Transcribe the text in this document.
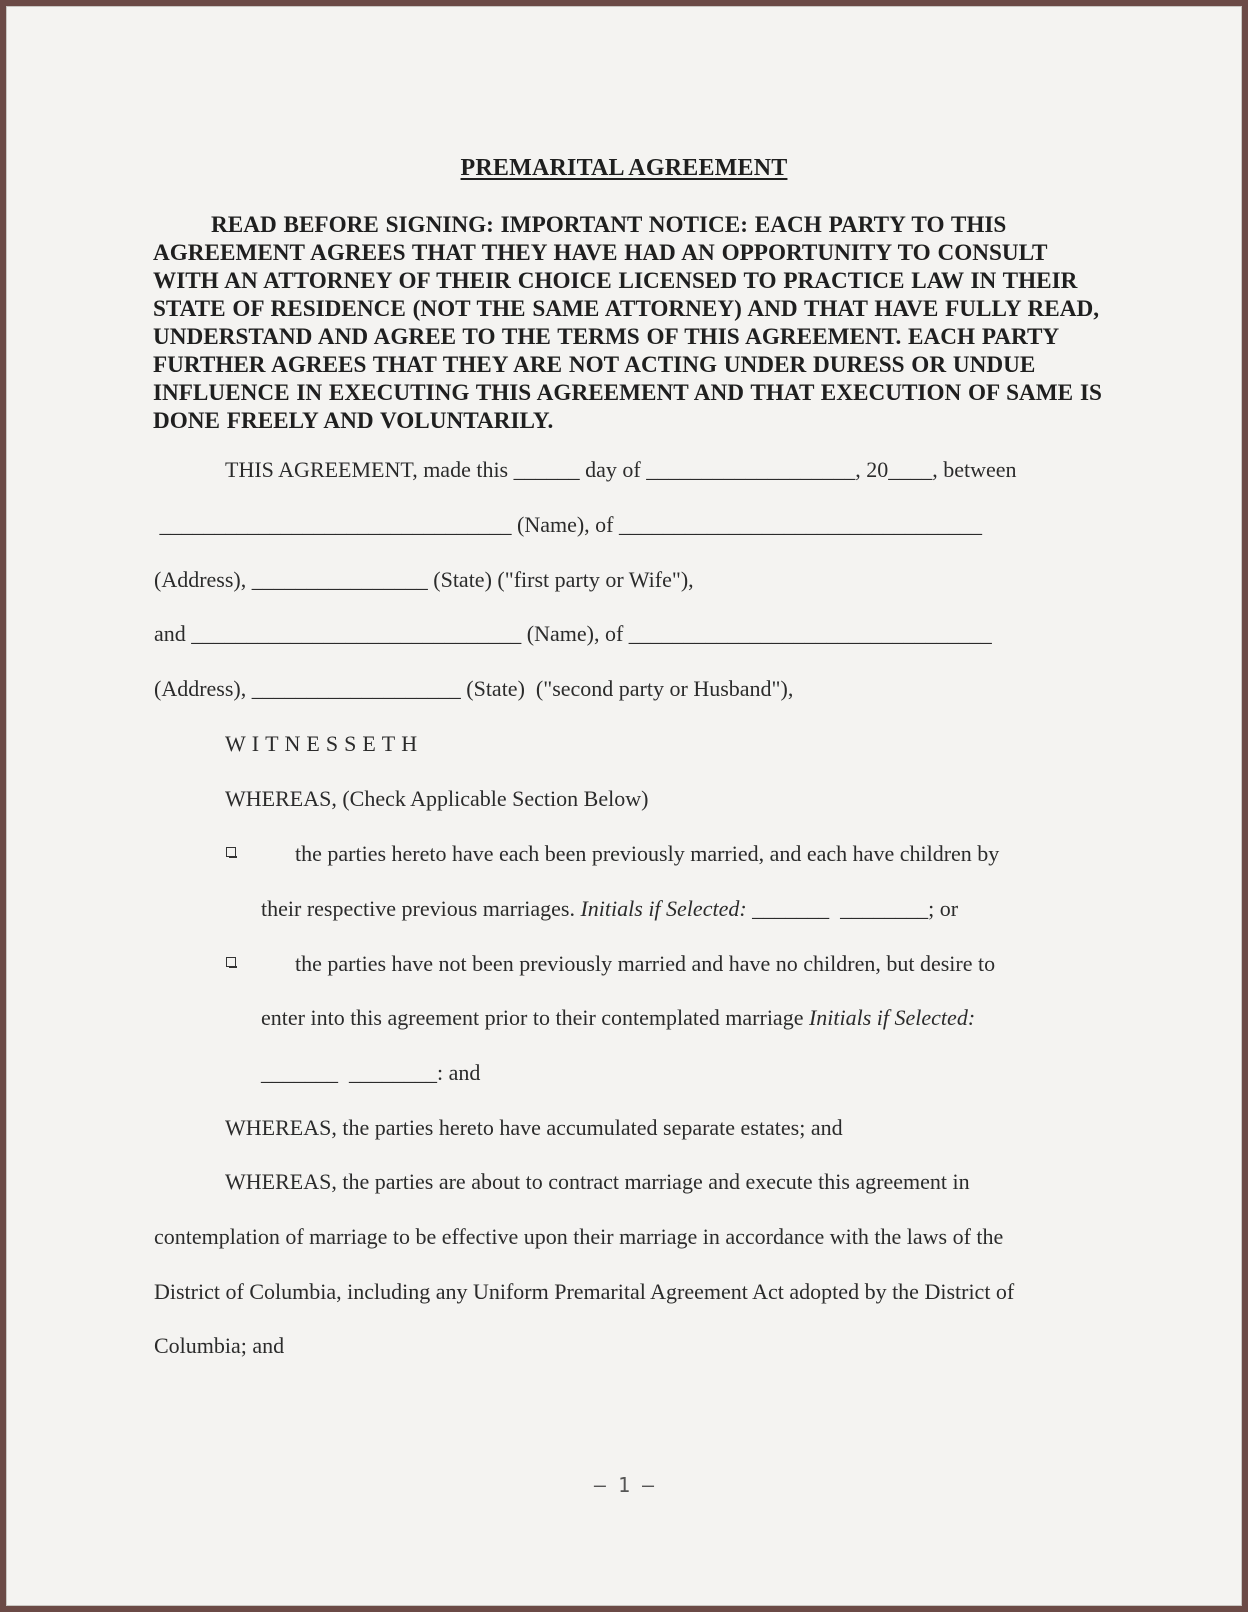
PREMARITAL AGREEMENT
READ BEFORE SIGNING: IMPORTANT NOTICE: EACH PARTY TO THIS AGREEMENT AGREES THAT THEY HAVE HAD AN OPPORTUNITY TO CONSULT WITH AN ATTORNEY OF THEIR CHOICE LICENSED TO PRACTICE LAW IN THEIR STATE OF RESIDENCE (NOT THE SAME ATTORNEY) AND THAT HAVE FULLY READ, UNDERSTAND AND AGREE TO THE TERMS OF THIS AGREEMENT. EACH PARTY FURTHER AGREES THAT THEY ARE NOT ACTING UNDER DURESS OR UNDUE INFLUENCE IN EXECUTING THIS AGREEMENT AND THAT EXECUTION OF SAME IS DONE FREELY AND VOLUNTARILY.
THIS AGREEMENT, made this ______ day of ___________________, 20____, between
________________________________ (Name), of _________________________________
(Address), ________________ (State) ("first party or Wife"),
and ______________________________ (Name), of _________________________________
(Address), ___________________ (State)  ("second party or Husband"),
WITNESSETH
WHEREAS, (Check Applicable Section Below)
the parties hereto have each been previously married, and each have children by
their respective previous marriages. Initials if Selected: _______  ________; or
the parties have not been previously married and have no children, but desire to
enter into this agreement prior to their contemplated marriage Initials if Selected:
_______  ________: and
WHEREAS, the parties hereto have accumulated separate estates; and
WHEREAS, the parties are about to contract marriage and execute this agreement in
contemplation of marriage to be effective upon their marriage in accordance with the laws of the
District of Columbia, including any Uniform Premarital Agreement Act adopted by the District of
Columbia; and
– 1 –
